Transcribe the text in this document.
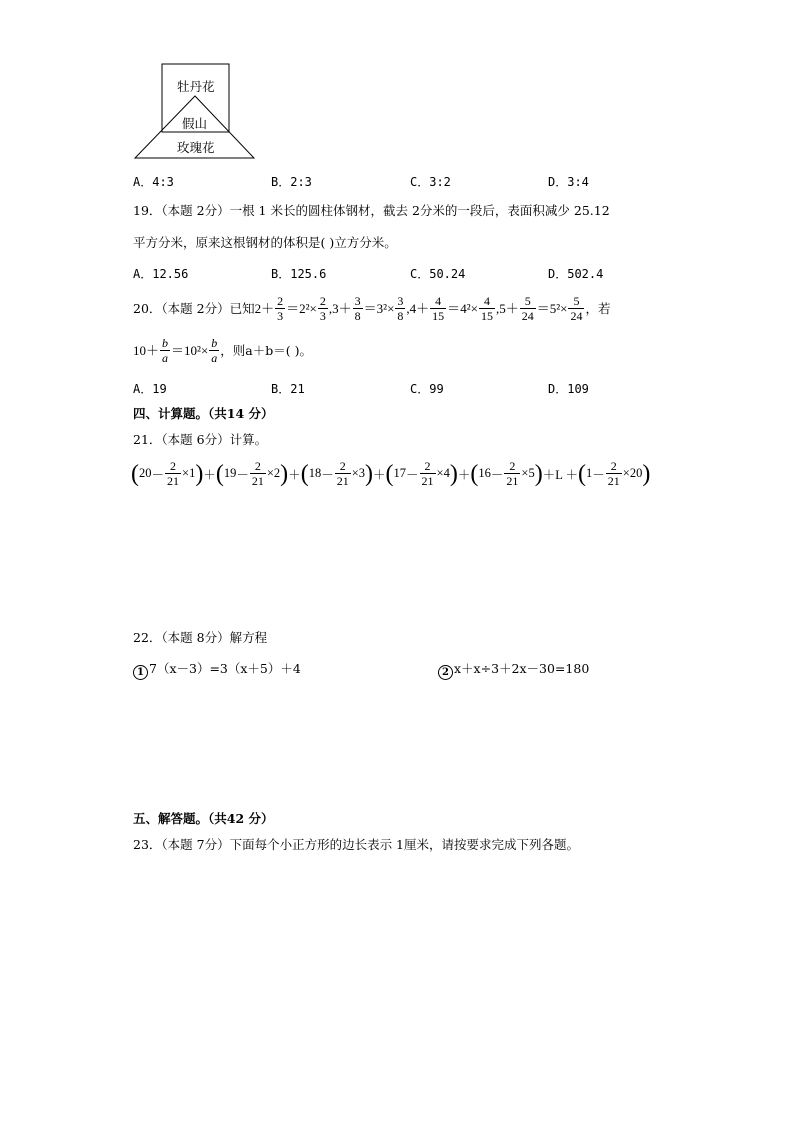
牡丹花
假山
玫瑰花
A．4:3	B．2:3	C．3:2	D．3:4
19．（本题 2分）一根 1 米长的圆柱体钢材，截去 2分米的一段后，表面积减少 25.12
平方分米，原来这根钢材的体积是( )立方分米。
A．12.56	B．125.6	C．50.24	D．502.4
20．（本题 2分）已知 $2 + \frac{2}{3} = 2^2 \times \frac{2}{3}$ , $3 + \frac{3}{8} = 3^2 \times \frac{3}{8}$ , $4 + \frac{4}{15} = 4^2 \times \frac{4}{15}$ , $5 + \frac{5}{24} = 5^2 \times \frac{5}{24}$ ，若
$10 + \frac{b}{a} = 10^2 \times \frac{b}{a}$ ，则a＋b＝( )。
A．19	B．21	C．99	D．109
四、计算题。（共14 分）
21．（本题 6分）计算。
( $20 - \frac{2}{21} \times 1$ ) ＋ ( $19 - \frac{2}{21} \times 2$ ) ＋ ( $18 - \frac{2}{21} \times 3$ ) ＋ ( $17 - \frac{2}{21} \times 4$ ) ＋ ( $16 - \frac{2}{21} \times 5$ ) ＋L ＋ ( $1 - \frac{2}{21} \times 20$ )
22．（本题 8分）解方程
1 7（x－3）=3（x＋5）＋4	2 x＋x÷3＋2x－30=180
五、解答题。（共42 分）
23．（本题 7分）下面每个小正方形的边长表示 1厘米，请按要求完成下列各题。
